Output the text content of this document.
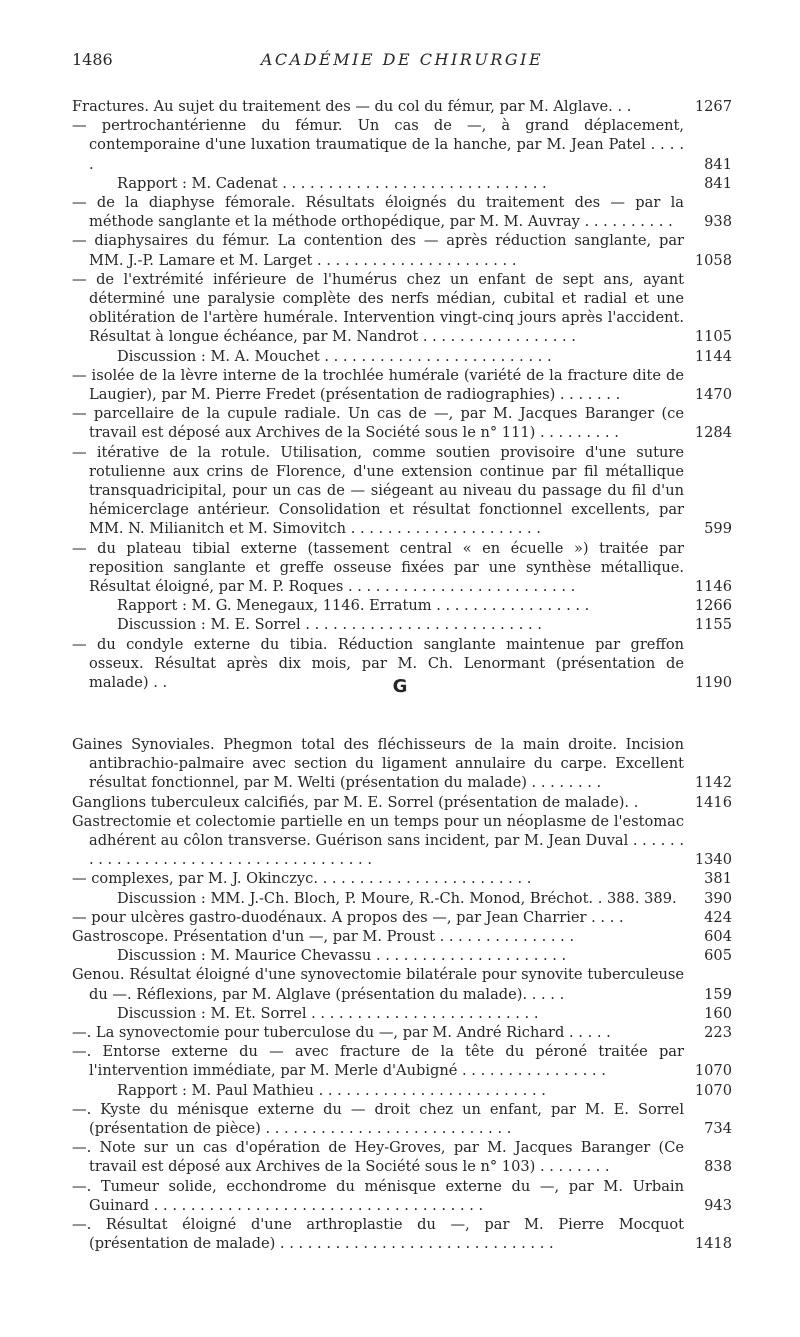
1486	ACADÉMIE DE CHIRURGIE
Fractures. Au sujet du traitement des — du col du fémur, par M. Alglave. . .	1267
— pertrochantérienne du fémur. Un cas de —, à grand déplacement, contemporaine d'une luxation traumatique de la hanche, par M. Jean Patel . . . . .	841
Rapport : M. Cadenat . . . . . . . . . . . . . . . . . . . . . . . . . . . . .	841
— de la diaphyse fémorale. Résultats éloignés du traitement des — par la méthode sanglante et la méthode orthopédique, par M. M. Auvray . . . . . . . . . .	938
— diaphysaires du fémur. La contention des — après réduction sanglante, par MM. J.-P. Lamare et M. Larget . . . . . . . . . . . . . . . . . . . . . .	1058
— de l'extrémité inférieure de l'humérus chez un enfant de sept ans, ayant déterminé une paralysie complète des nerfs médian, cubital et radial et une oblitération de l'artère humérale. Intervention vingt-cinq jours après l'accident. Résultat à longue échéance, par M. Nandrot . . . . . . . . . . . . . . . . .	1105
Discussion : M. A. Mouchet . . . . . . . . . . . . . . . . . . . . . . . . .	1144
— isolée de la lèvre interne de la trochlée humérale (variété de la fracture dite de Laugier), par M. Pierre Fredet (présentation de radiographies) . . . . . . .	1470
— parcellaire de la cupule radiale. Un cas de —, par M. Jacques Baranger (ce travail est déposé aux Archives de la Société sous le n° 111) . . . . . . . . .	1284
— itérative de la rotule. Utilisation, comme soutien provisoire d'une suture rotulienne aux crins de Florence, d'une extension continue par fil métallique transquadricipital, pour un cas de — siégeant au niveau du passage du fil d'un hémicerclage antérieur. Consolidation et résultat fonctionnel excellents, par MM. N. Milianitch et M. Simovitch . . . . . . . . . . . . . . . . . . . . .	599
— du plateau tibial externe (tassement central « en écuelle ») traitée par reposition sanglante et greffe osseuse fixées par une synthèse métallique. Résultat éloigné, par M. P. Roques . . . . . . . . . . . . . . . . . . . . . . . . .	1146
Rapport : M. G. Menegaux, 1146. Erratum . . . . . . . . . . . . . . . . .	1266
Discussion : M. E. Sorrel . . . . . . . . . . . . . . . . . . . . . . . . . .	1155
— du condyle externe du tibia. Réduction sanglante maintenue par greffon osseux. Résultat après dix mois, par M. Ch. Lenormant (présentation de malade) . .	1190
G
Gaines Synoviales. Phegmon total des fléchisseurs de la main droite. Incision antibrachio-palmaire avec section du ligament annulaire du carpe. Excellent résultat fonctionnel, par M. Welti (présentation du malade) . . . . . . . .	1142
Ganglions tuberculeux calcifiés, par M. E. Sorrel (présentation de malade). .	1416
Gastrectomie et colectomie partielle en un temps pour un néoplasme de l'estomac adhérent au côlon transverse. Guérison sans incident, par M. Jean Duval . . . . . . . . . . . . . . . . . . . . . . . . . . . . . . . . . . . . .	1340
— complexes, par M. J. Okinczyc. . . . . . . . . . . . . . . . . . . . . . . .	381
Discussion : MM. J.-Ch. Bloch, P. Moure, R.-Ch. Monod, Bréchot. . 388. 389.	390
— pour ulcères gastro-duodénaux. A propos des —, par Jean Charrier . . . .	424
Gastroscope. Présentation d'un —, par M. Proust . . . . . . . . . . . . . . .	604
Discussion : M. Maurice Chevassu . . . . . . . . . . . . . . . . . . . . .	605
Genou. Résultat éloigné d'une synovectomie bilatérale pour synovite tuberculeuse du —. Réflexions, par M. Alglave (présentation du malade). . . . .	159
Discussion : M. Et. Sorrel . . . . . . . . . . . . . . . . . . . . . . . . .	160
—. La synovectomie pour tuberculose du —, par M. André Richard . . . . .	223
—. Entorse externe du — avec fracture de la tête du péroné traitée par l'intervention immédiate, par M. Merle d'Aubigné . . . . . . . . . . . . . . . .	1070
Rapport : M. Paul Mathieu . . . . . . . . . . . . . . . . . . . . . . . . .	1070
—. Kyste du ménisque externe du — droit chez un enfant, par M. E. Sorrel (présentation de pièce) . . . . . . . . . . . . . . . . . . . . . . . . . . .	734
—. Note sur un cas d'opération de Hey-Groves, par M. Jacques Baranger (Ce travail est déposé aux Archives de la Société sous le n° 103) . . . . . . . .	838
—. Tumeur solide, ecchondrome du ménisque externe du —, par M. Urbain Guinard . . . . . . . . . . . . . . . . . . . . . . . . . . . . . . . . . . . .	943
—. Résultat éloigné d'une arthroplastie du —, par M. Pierre Mocquot (présentation de malade) . . . . . . . . . . . . . . . . . . . . . . . . . . . . . .	1418
